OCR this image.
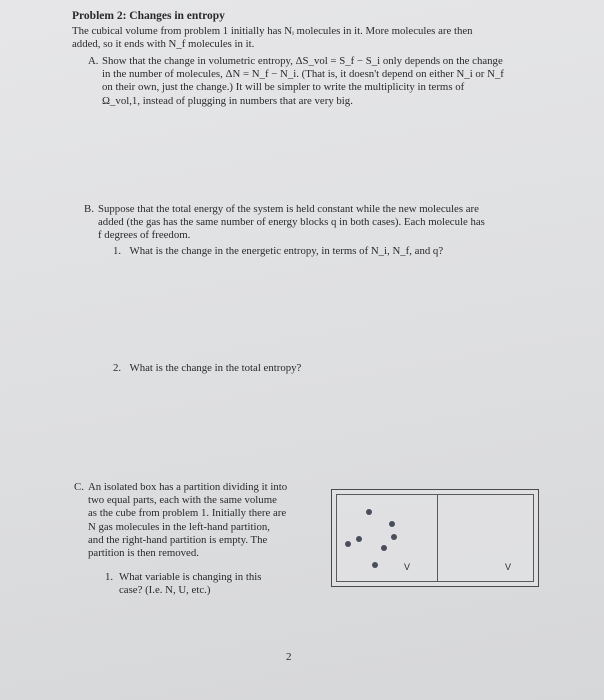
Problem 2: Changes in entropy
The cubical volume from problem 1 initially has Nᵢ molecules in it. More molecules are then
added, so it ends with N_f molecules in it.
A. Show that the change in volumetric entropy, ΔS_vol = S_f − S_i only depends on the change
in the number of molecules, ΔN = N_f − N_i. (That is, it doesn't depend on either N_i or N_f
on their own, just the change.) It will be simpler to write the multiplicity in terms of
Ω_vol,1, instead of plugging in numbers that are very big.
B. Suppose that the total energy of the system is held constant while the new molecules are
added (the gas has the same number of energy blocks q in both cases). Each molecule has
f degrees of freedom.
1. What is the change in the energetic entropy, in terms of N_i, N_f, and q?
2. What is the change in the total entropy?
C. An isolated box has a partition dividing it into
two equal parts, each with the same volume
as the cube from problem 1. Initially there are
N gas molecules in the left-hand partition,
and the right-hand partition is empty. The
partition is then removed.
1. What variable is changing in this
case? (I.e. N, U, etc.)
V	V
2
